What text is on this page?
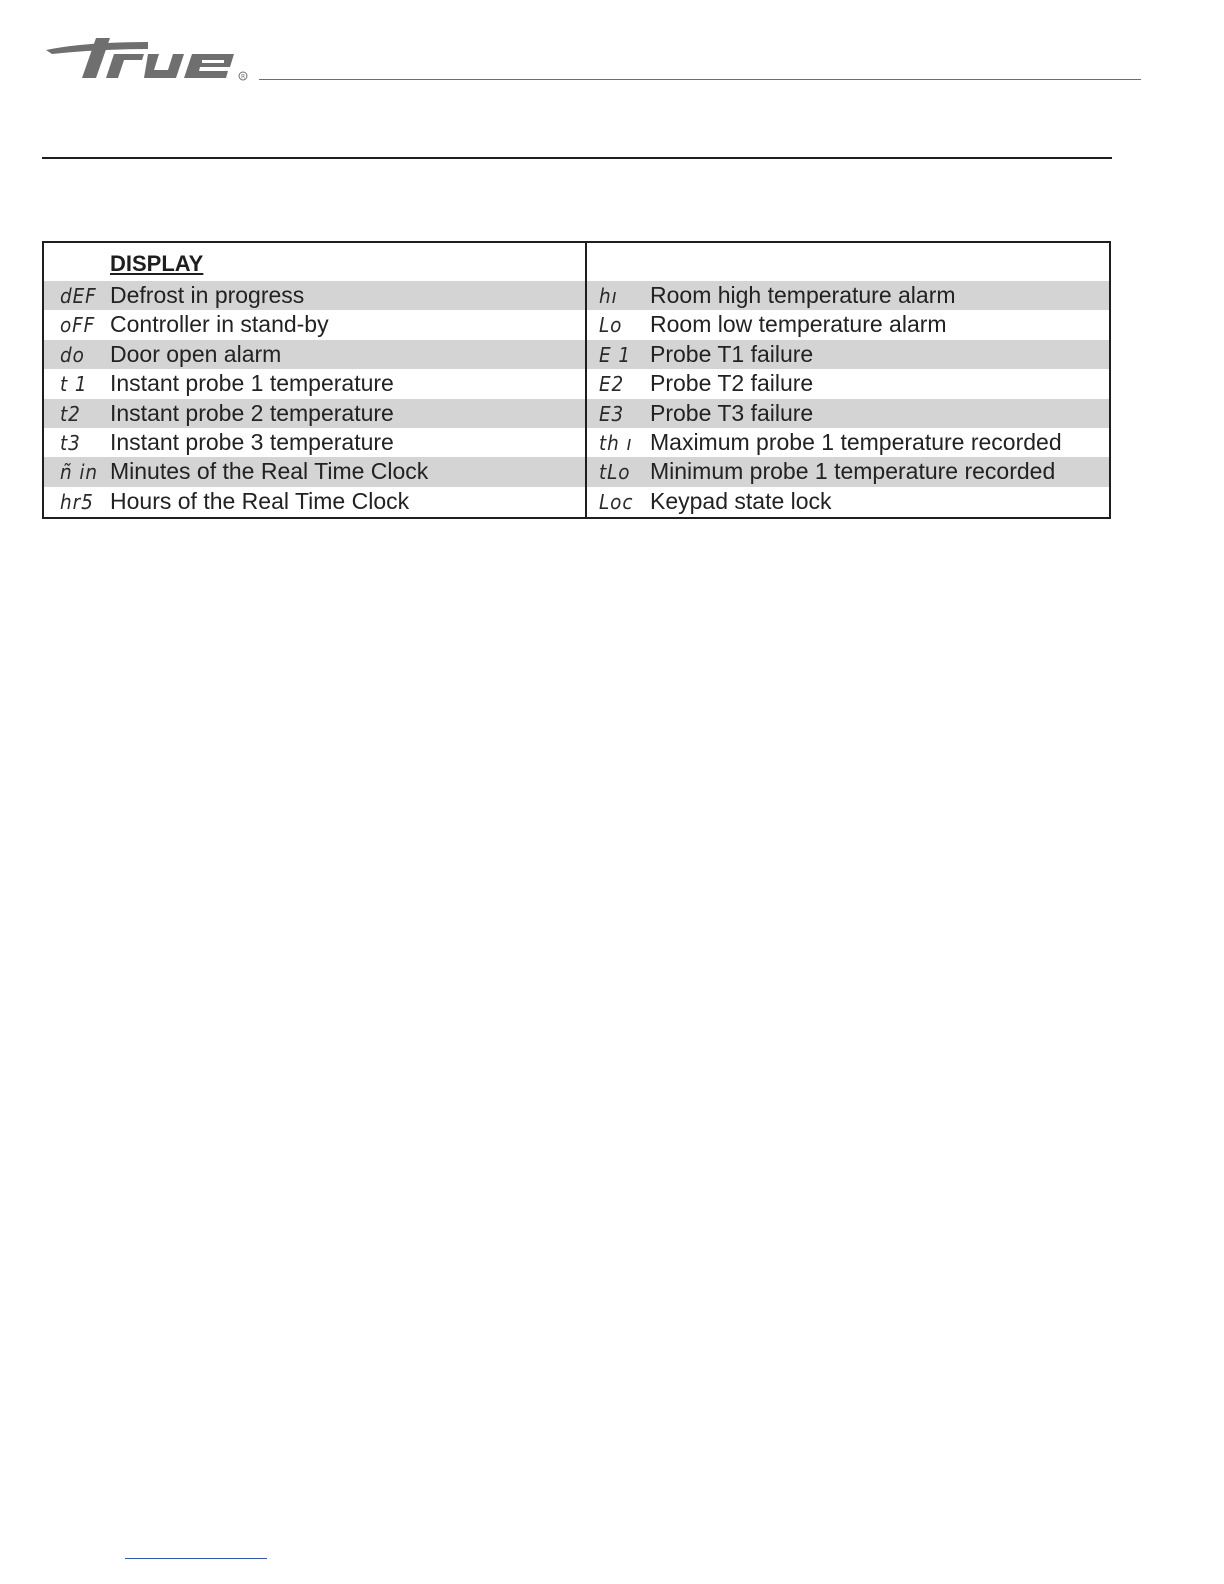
R
DISPLAY
dEF Defrost in progress
oFF Controller in stand-by
do Door open alarm
t 1 Instant probe 1 temperature
t2 Instant probe 2 temperature
t3 Instant probe 3 temperature
ñ in Minutes of the Real Time Clock
hr5 Hours of the Real Time Clock
hı Room high temperature alarm
Lo Room low temperature alarm
E 1 Probe T1 failure
E2 Probe T2 failure
E3 Probe T3 failure
th ı Maximum probe 1 temperature recorded
tLo Minimum probe 1 temperature recorded
Loc Keypad state lock
